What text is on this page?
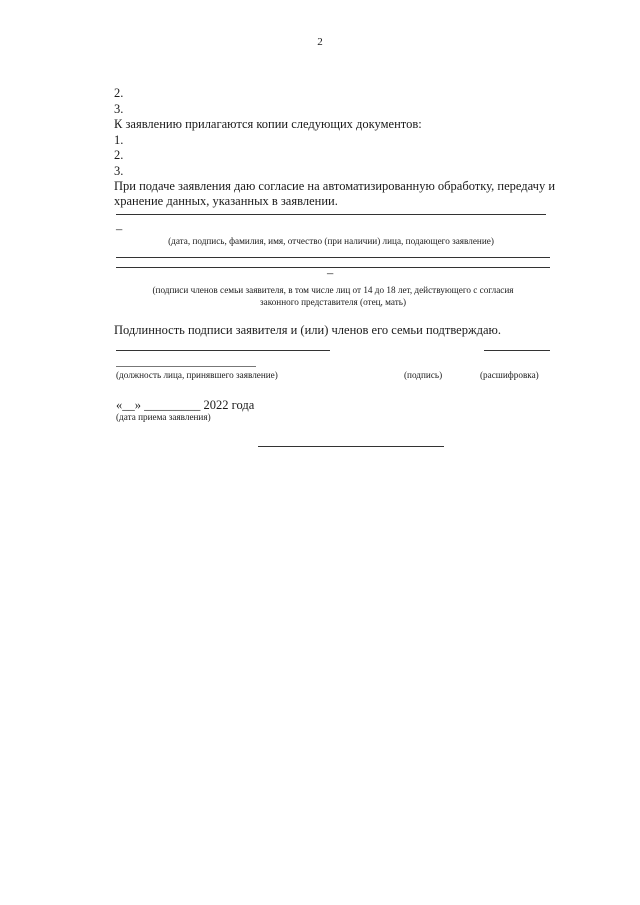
2
2.
3.
К заявлению прилагаются копии следующих документов:
1.
2.
3.
При подаче заявления даю согласие на автоматизированную обработку, передачу и
хранение данных, указанных в заявлении.
–
(дата, подпись, фамилия, имя, отчество (при наличии) лица, подающего заявление)
–
(подписи членов семьи заявителя, в том числе лиц от 14 до 18 лет, действующего с согласия
законного представителя (отец, мать)
Подлинность подписи заявителя и (или) членов его семьи подтверждаю.
(должность лица, принявшего заявление)	(подпись)	(расшифровка)
«__» _________ 2022 года
(дата приема заявления)
